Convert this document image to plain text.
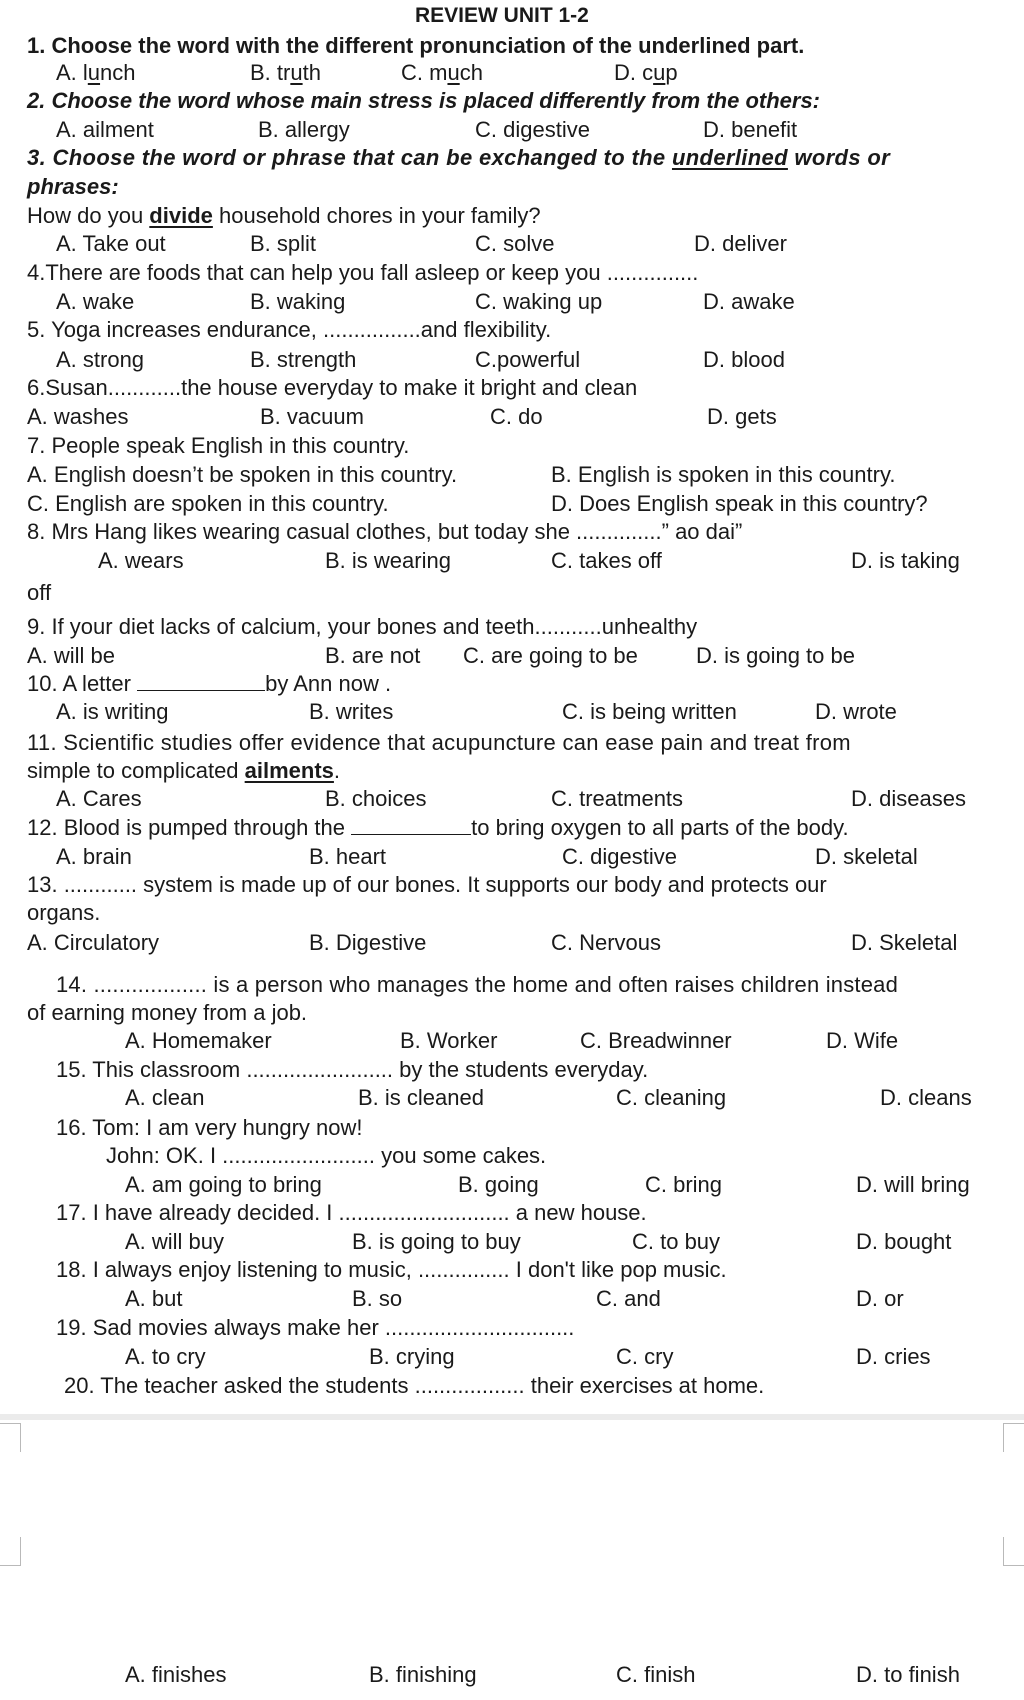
REVIEW UNIT 1-2
1. Choose the word with the different pronunciation of the underlined part.
A. lunch	B. truth	C. much	D. cup
2. Choose the word whose main stress is placed differently from the others:
A. ailment	B. allergy	C. digestive	D. benefit
3. Choose the word or phrase that can be exchanged to the underlined words or
phrases:
How do you divide household chores in your family?
A. Take out	B. split	C. solve	D. deliver
4.There are foods that can help you fall asleep or keep you ...............
A. wake	B. waking	C. waking up	D. awake
5. Yoga increases endurance, ................and flexibility.
A. strong	B. strength	C.powerful	D. blood
6.Susan............the house everyday to make it bright and clean
A. washes	B. vacuum	C. do	D. gets
7. People speak English in this country.
A. English doesn’t be spoken in this country.	B. English is spoken in this country.
C. English are spoken in this country.	D. Does English speak in this country?
8. Mrs Hang likes wearing casual clothes, but today she ..............” ao dai”
A. wears	B. is wearing	C. takes off	D. is taking
off
9. If your diet lacks of calcium, your bones and teeth...........unhealthy
A. will be	B. are not C. are going to be	D. is going to be
10. A letter	by Ann now .
A. is writing	B. writes	C. is being written	D. wrote
11. Scientific studies offer evidence that acupuncture can ease pain and treat from
simple to complicated ailments.
A. Cares	B. choices	C. treatments	D. diseases
12. Blood is pumped through the	to bring oxygen to all parts of the body.
A. brain	B. heart	C. digestive	D. skeletal
13. ............ system is made up of our bones. It supports our body and protects our
organs.
A. Circulatory	B. Digestive	C. Nervous	D. Skeletal
14. .................. is a person who manages the home and often raises children instead
of earning money from a job.
A. Homemaker	B. Worker	C. Breadwinner	D. Wife
15. This classroom ........................ by the students everyday.
A. clean	B. is cleaned	C. cleaning	D. cleans
16. Tom: I am very hungry now!
John: OK. I ......................... you some cakes.
A. am going to bring	B. going	C. bring	D. will bring
17. I have already decided. I ............................ a new house.
A. will buy	B. is going to buy	C. to buy	D. bought
18. I always enjoy listening to music, ............... I don't like pop music.
A. but	B. so	C. and	D. or
19. Sad movies always make her ...............................
A. to cry	B. crying	C. cry	D. cries
20. The teacher asked the students .................. their exercises at home.
A. finishes	B. finishing	C. finish	D. to finish
